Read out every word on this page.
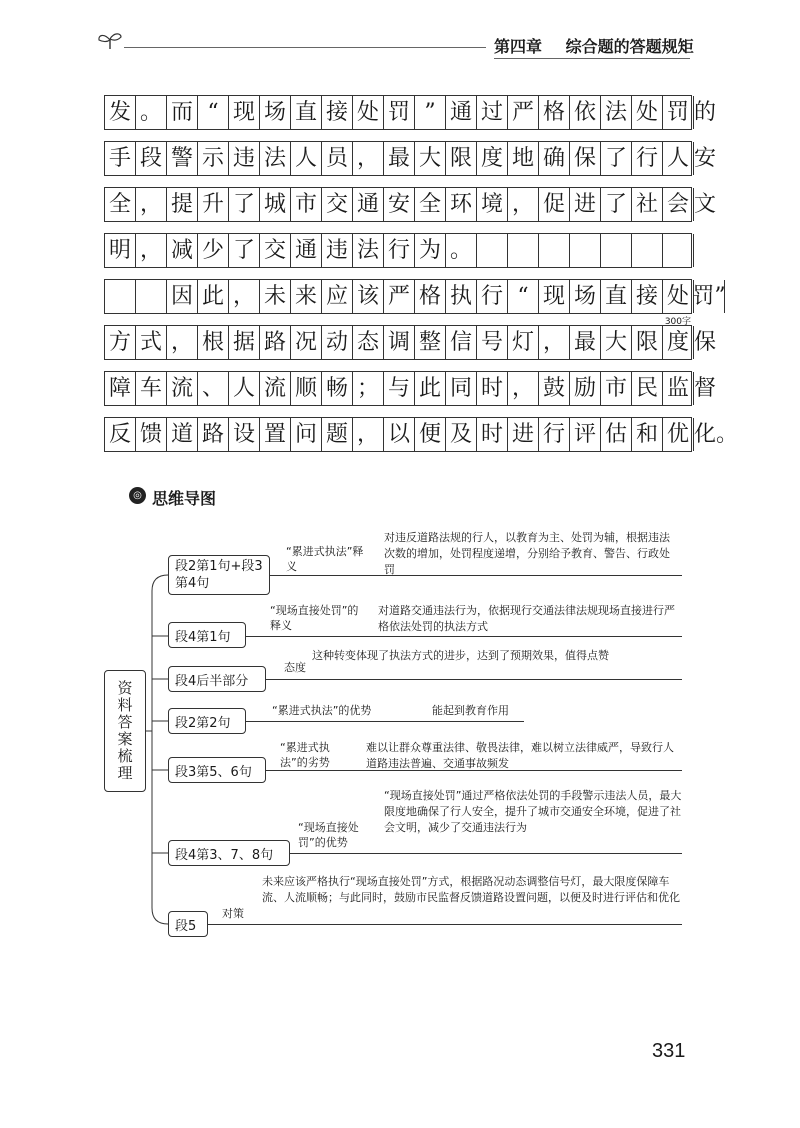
第四章 综合题的答题规矩
发 。 而 “ 现 场 直 接 处 罚 ” 通 过 严 格 依 法 处 罚 的
手 段 警 示 违 法 人 员 ， 最 大 限 度 地 确 保 了 行 人 安
全 ， 提 升 了 城 市 交 通 安 全 环 境 ， 促 进 了 社 会 文
明 ， 减 少 了 交 通 违 法 行 为 。
因 此 ， 未 来 应 该 严 格 执 行 “ 现 场 直 接 处 罚”
300字
方 式 ， 根 据 路 况 动 态 调 整 信 号 灯 ， 最 大 限 度 保
障 车 流 、 人 流 顺 畅 ； 与 此 同 时 ， 鼓 励 市 民 监 督
反 馈 道 路 设 置 问 题 ， 以 便 及 时 进 行 评 估 和 优 化。
◎ 思维导图
资料答案梳理
段2第1句+段3第4句
“累进式执法”释义
对违反道路法规的行人，以教育为主、处罚为辅，根据违法次数的增加，处罚程度递增，分别给予教育、警告、行政处罚
段4第1句
“现场直接处罚”的释义
对道路交通违法行为，依据现行交通法律法规现场直接进行严格依法处罚的执法方式
段4后半部分
态度
这种转变体现了执法方式的进步，达到了预期效果，值得点赞
段2第2句
“累进式执法”的优势	能起到教育作用
段3第5、6句
“累进式执法”的劣势
难以让群众尊重法律、敬畏法律，难以树立法律威严，导致行人道路违法普遍、交通事故频发
段4第3、7、8句
“现场直接处罚”的优势
“现场直接处罚”通过严格依法处罚的手段警示违法人员，最大限度地确保了行人安全，提升了城市交通安全环境，促进了社会文明，减少了交通违法行为
段5
对策
未来应该严格执行“现场直接处罚”方式，根据路况动态调整信号灯，最大限度保障车流、人流顺畅；与此同时，鼓励市民监督反馈道路设置问题，以便及时进行评估和优化
331
